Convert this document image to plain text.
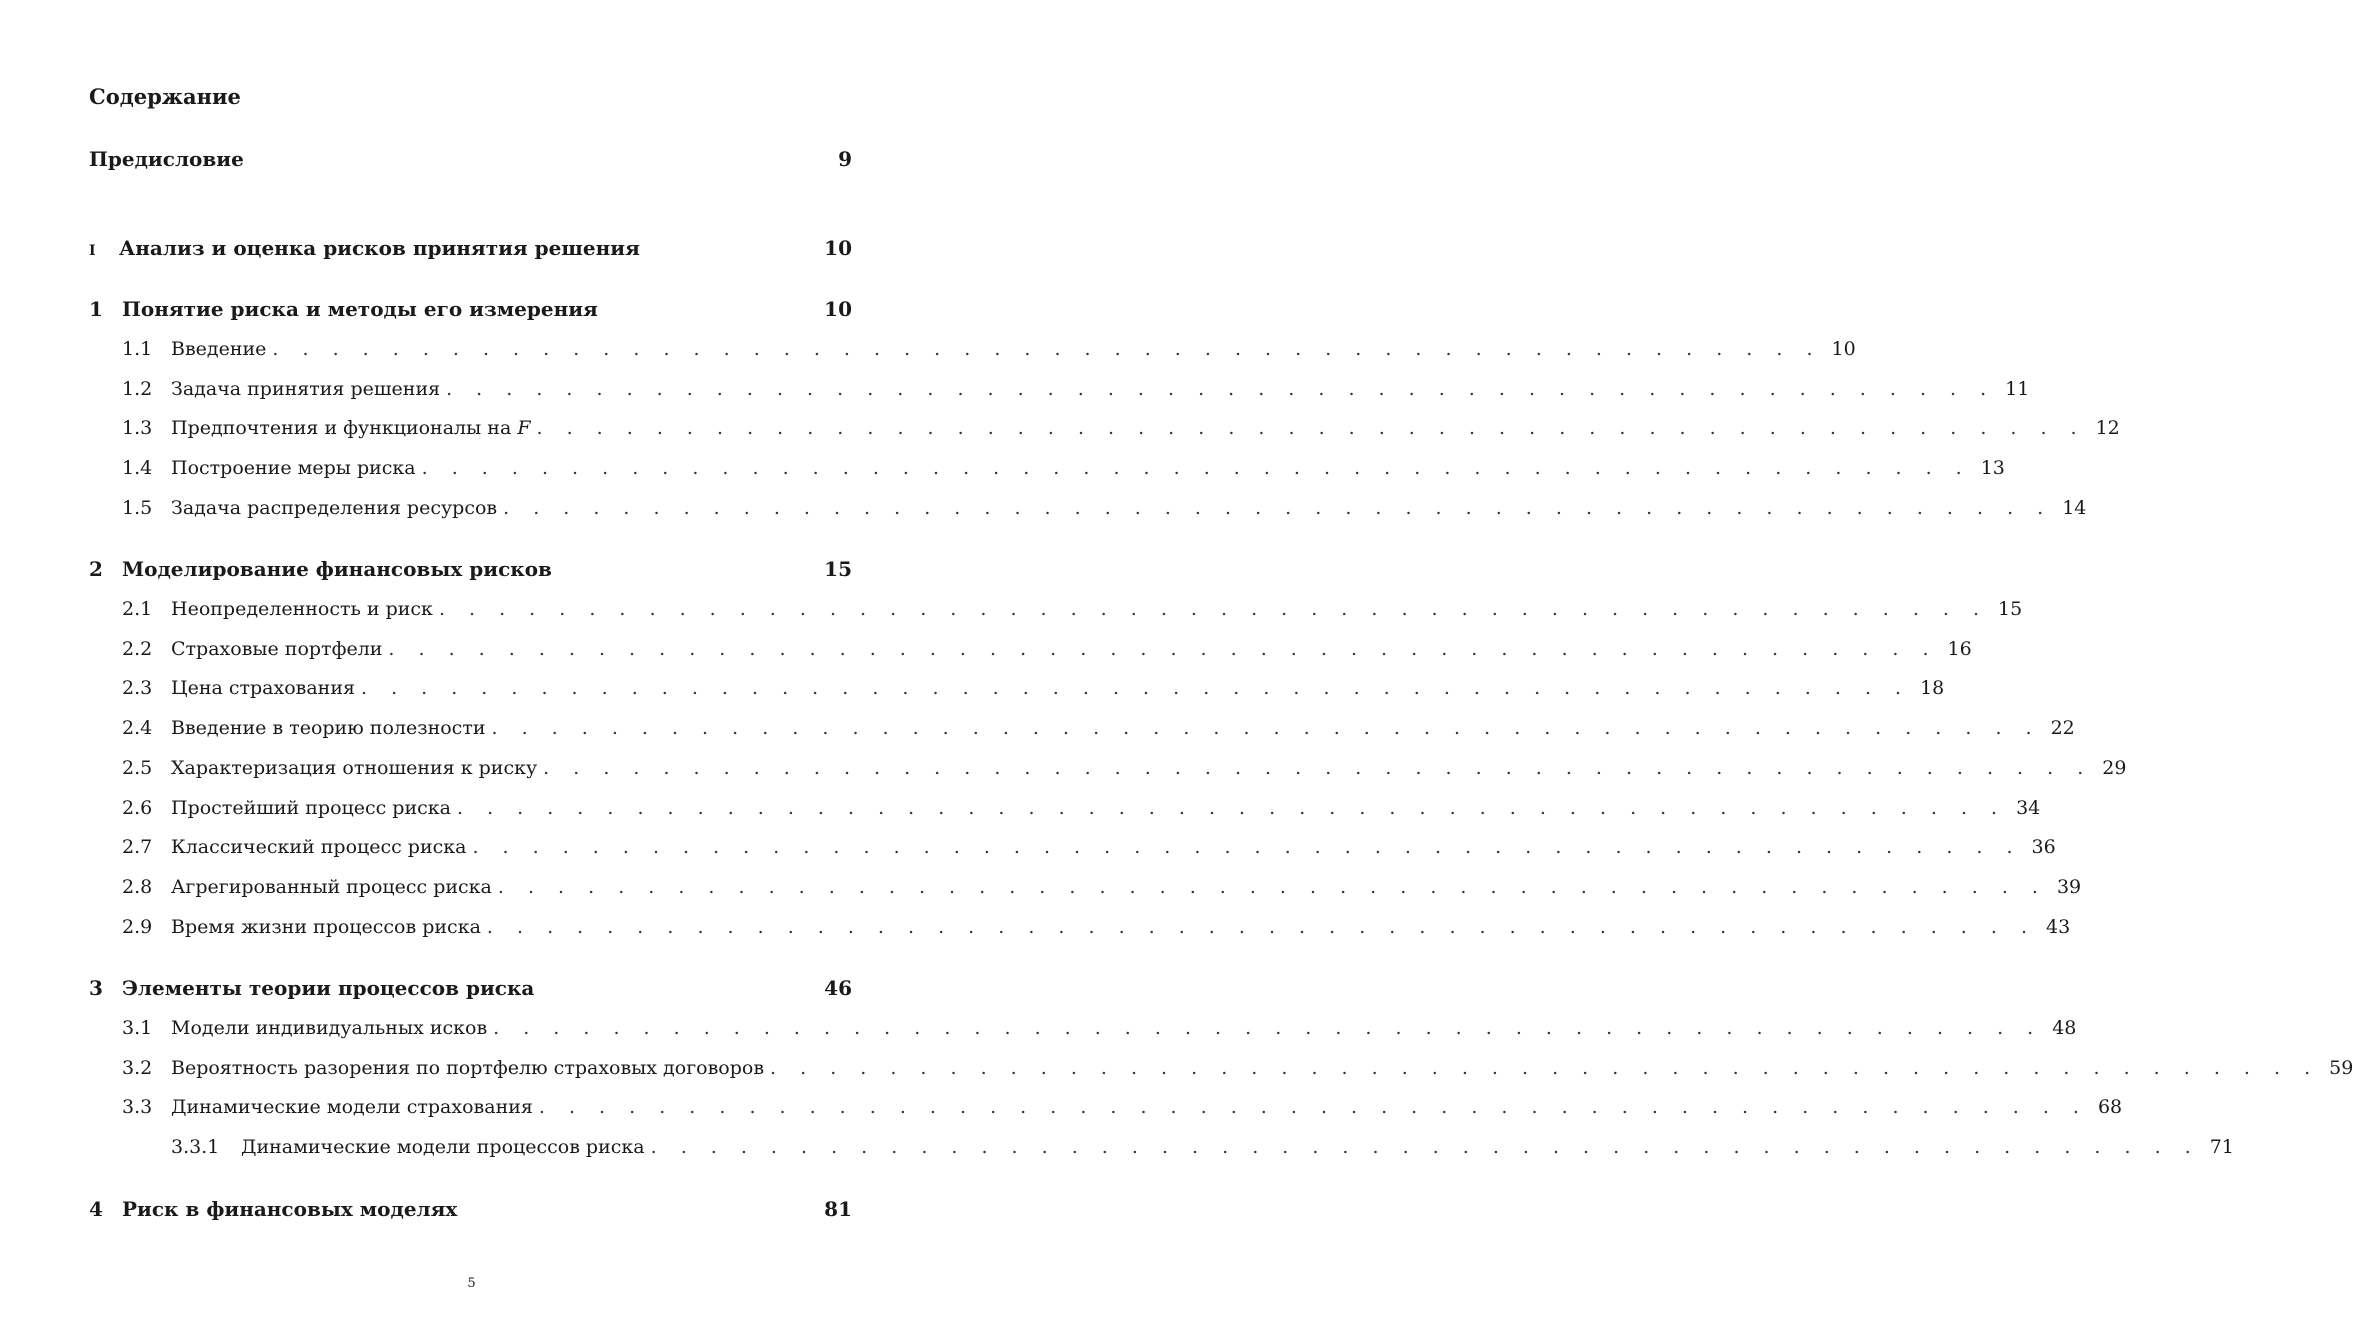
Содержание
Предисловие	9
I	Анализ и оценка рисков принятия решения	10
1 Понятие риска и методы его измерения	10
1.1 Введение . . . . . . . . . . . . . . . . . . . . . . . . . . . . . . . . . . . . . . . . . . . . . . . . . . . . 10
1.2 Задача принятия решения . . . . . . . . . . . . . . . . . . . . . . . . . . . . . . . . . . . . . . . . . . . . . . . . . . . . 11
1.3 Предпочтения и функционалы на F . . . . . . . . . . . . . . . . . . . . . . . . . . . . . . . . . . . . . . . . . . . . . . . . . . . . 12
1.4 Построение меры риска . . . . . . . . . . . . . . . . . . . . . . . . . . . . . . . . . . . . . . . . . . . . . . . . . . . . 13
1.5 Задача распределения ресурсов . . . . . . . . . . . . . . . . . . . . . . . . . . . . . . . . . . . . . . . . . . . . . . . . . . . . 14
2 Моделирование финансовых рисков	15
2.1 Неопределенность и риск . . . . . . . . . . . . . . . . . . . . . . . . . . . . . . . . . . . . . . . . . . . . . . . . . . . . 15
2.2 Страховые портфели . . . . . . . . . . . . . . . . . . . . . . . . . . . . . . . . . . . . . . . . . . . . . . . . . . . . 16
2.3 Цена страхования . . . . . . . . . . . . . . . . . . . . . . . . . . . . . . . . . . . . . . . . . . . . . . . . . . . . 18
2.4 Введение в теорию полезности . . . . . . . . . . . . . . . . . . . . . . . . . . . . . . . . . . . . . . . . . . . . . . . . . . . . 22
2.5 Характеризация отношения к риску . . . . . . . . . . . . . . . . . . . . . . . . . . . . . . . . . . . . . . . . . . . . . . . . . . . . 29
2.6 Простейший процесс риска . . . . . . . . . . . . . . . . . . . . . . . . . . . . . . . . . . . . . . . . . . . . . . . . . . . . 34
2.7 Классический процесс риска . . . . . . . . . . . . . . . . . . . . . . . . . . . . . . . . . . . . . . . . . . . . . . . . . . . . 36
2.8 Агрегированный процесс риска . . . . . . . . . . . . . . . . . . . . . . . . . . . . . . . . . . . . . . . . . . . . . . . . . . . . 39
2.9 Время жизни процессов риска . . . . . . . . . . . . . . . . . . . . . . . . . . . . . . . . . . . . . . . . . . . . . . . . . . . . 43
3 Элементы теории процессов риска	46
3.1 Модели индивидуальных исков . . . . . . . . . . . . . . . . . . . . . . . . . . . . . . . . . . . . . . . . . . . . . . . . . . . . 48
3.2 Вероятность разорения по портфелю страховых договоров . . . . . . . . . . . . . . . . . . . . . . . . . . . . . . . . . . . . . . . . . . . . . . . . . . . . 59
3.3 Динамические модели страхования . . . . . . . . . . . . . . . . . . . . . . . . . . . . . . . . . . . . . . . . . . . . . . . . . . . . 68
3.3.1	Динамические модели процессов риска . . . . . . . . . . . . . . . . . . . . . . . . . . . . . . . . . . . . . . . . . . . . . . . . . . . . 71
4 Риск в финансовых моделях	81
5
